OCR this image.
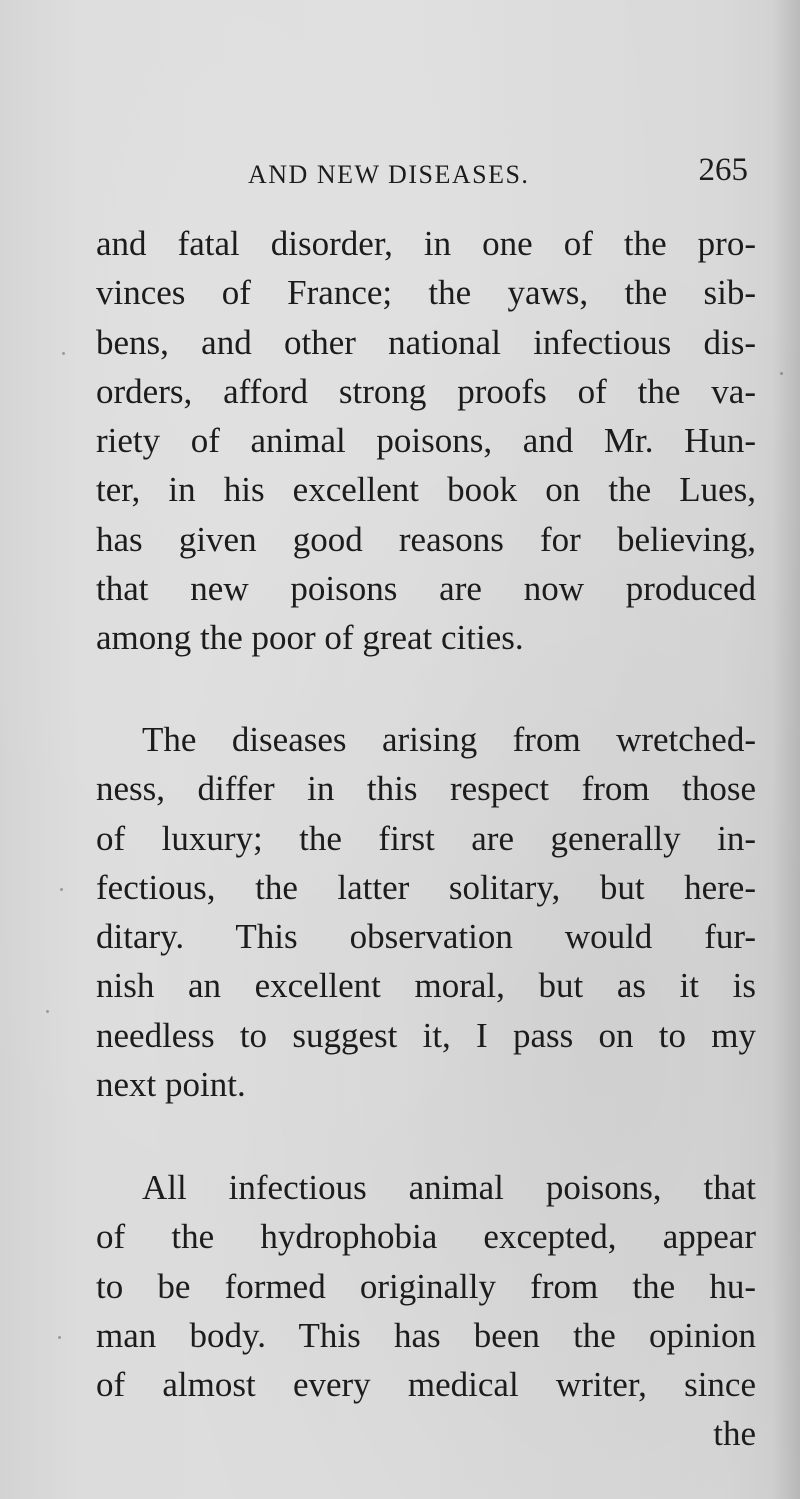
AND NEW DISEASES.	265
and fatal disorder, in one of the pro-
vinces of France; the yaws, the sib-
bens, and other national infectious dis-
orders, afford strong proofs of the va-
riety of animal poisons, and Mr. Hun-
ter, in his excellent book on the Lues,
has given good reasons for believing,
that new poisons are now produced
among the poor of great cities.
The diseases arising from wretched-
ness, differ in this respect from those
of luxury; the first are generally in-
fectious, the latter solitary, but here-
ditary. This observation would fur-
nish an excellent moral, but as it is
needless to suggest it, I pass on to my
next point.
All infectious animal poisons, that
of the hydrophobia excepted, appear
to be formed originally from the hu-
man body. This has been the opinion
of almost every medical writer, since
the
